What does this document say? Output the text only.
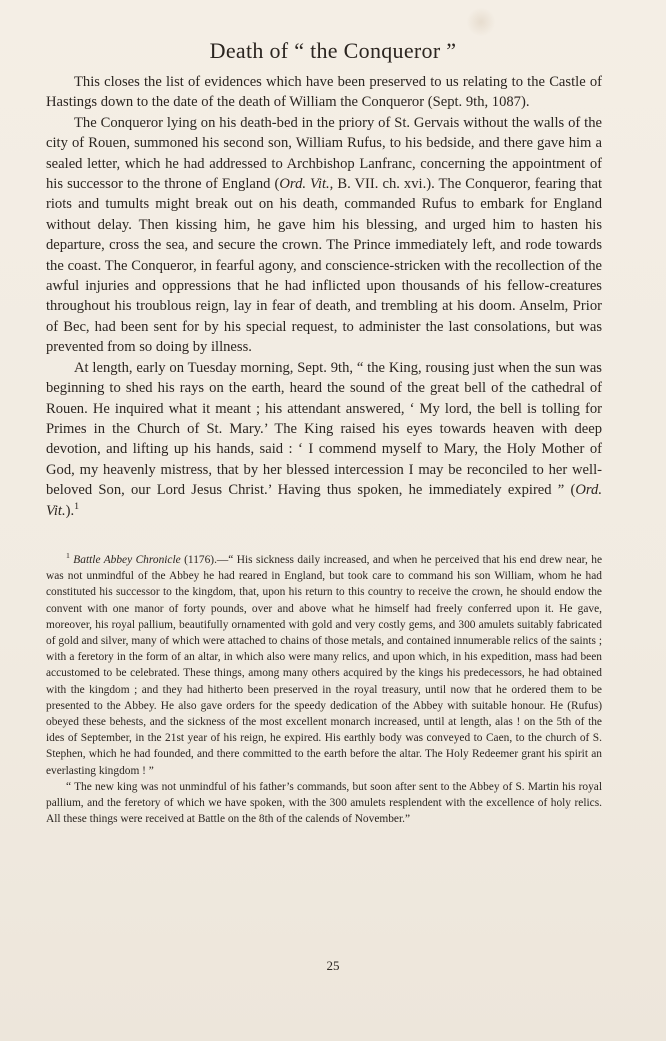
Death of “ the Conqueror ”

This closes the list of evidences which have been preserved to us relating to the Castle of Hastings down to the date of the death of William the Conqueror (Sept. 9th, 1087).

The Conqueror lying on his death-bed in the priory of St. Gervais without the walls of the city of Rouen, summoned his second son, William Rufus, to his bedside, and there gave him a sealed letter, which he had addressed to Archbishop Lanfranc, concerning the appointment of his successor to the throne of England (Ord. Vit., B. VII. ch. xvi.). The Conqueror, fearing that riots and tumults might break out on his death, commanded Rufus to embark for England without delay. Then kissing him, he gave him his blessing, and urged him to hasten his departure, cross the sea, and secure the crown. The Prince immediately left, and rode towards the coast. The Conqueror, in fearful agony, and conscience-stricken with the recollection of the awful injuries and oppressions that he had inflicted upon thousands of his fellow-creatures throughout his troublous reign, lay in fear of death, and trembling at his doom. Anselm, Prior of Bec, had been sent for by his special request, to administer the last consolations, but was prevented from so doing by illness.

At length, early on Tuesday morning, Sept. 9th, “ the King, rousing just when the sun was beginning to shed his rays on the earth, heard the sound of the great bell of the cathedral of Rouen. He inquired what it meant ; his attendant answered, ‘ My lord, the bell is tolling for Primes in the Church of St. Mary.’ The King raised his eyes towards heaven with deep devotion, and lifting up his hands, said : ‘ I commend myself to Mary, the Holy Mother of God, my heavenly mistress, that by her blessed intercession I may be reconciled to her well-beloved Son, our Lord Jesus Christ.’ Having thus spoken, he immediately expired ” (Ord. Vit.).$^1$

$^1$ Battle Abbey Chronicle (1176).—“ His sickness daily increased, and when he perceived that his end drew near, he was not unmindful of the Abbey he had reared in England, but took care to command his son William, whom he had constituted his successor to the kingdom, that, upon his return to this country to receive the crown, he should endow the convent with one manor of forty pounds, over and above what he himself had freely conferred upon it. He gave, moreover, his royal pallium, beautifully ornamented with gold and very costly gems, and 300 amulets suitably fabricated of gold and silver, many of which were attached to chains of those metals, and contained innumerable relics of the saints ; with a feretory in the form of an altar, in which also were many relics, and upon which, in his expedition, mass had been accustomed to be celebrated. These things, among many others acquired by the kings his predecessors, he had obtained with the kingdom ; and they had hitherto been preserved in the royal treasury, until now that he ordered them to be presented to the Abbey. He also gave orders for the speedy dedication of the Abbey with suitable honour. He (Rufus) obeyed these behests, and the sickness of the most excellent monarch increased, until at length, alas ! on the 5th of the ides of September, in the 21st year of his reign, he expired. His earthly body was conveyed to Caen, to the church of S. Stephen, which he had founded, and there committed to the earth before the altar. The Holy Redeemer grant his spirit an everlasting kingdom ! ”

“ The new king was not unmindful of his father’s commands, but soon after sent to the Abbey of S. Martin his royal pallium, and the feretory of which we have spoken, with the 300 amulets resplendent with the excellence of holy relics. All these things were received at Battle on the 8th of the calends of November.”

25
